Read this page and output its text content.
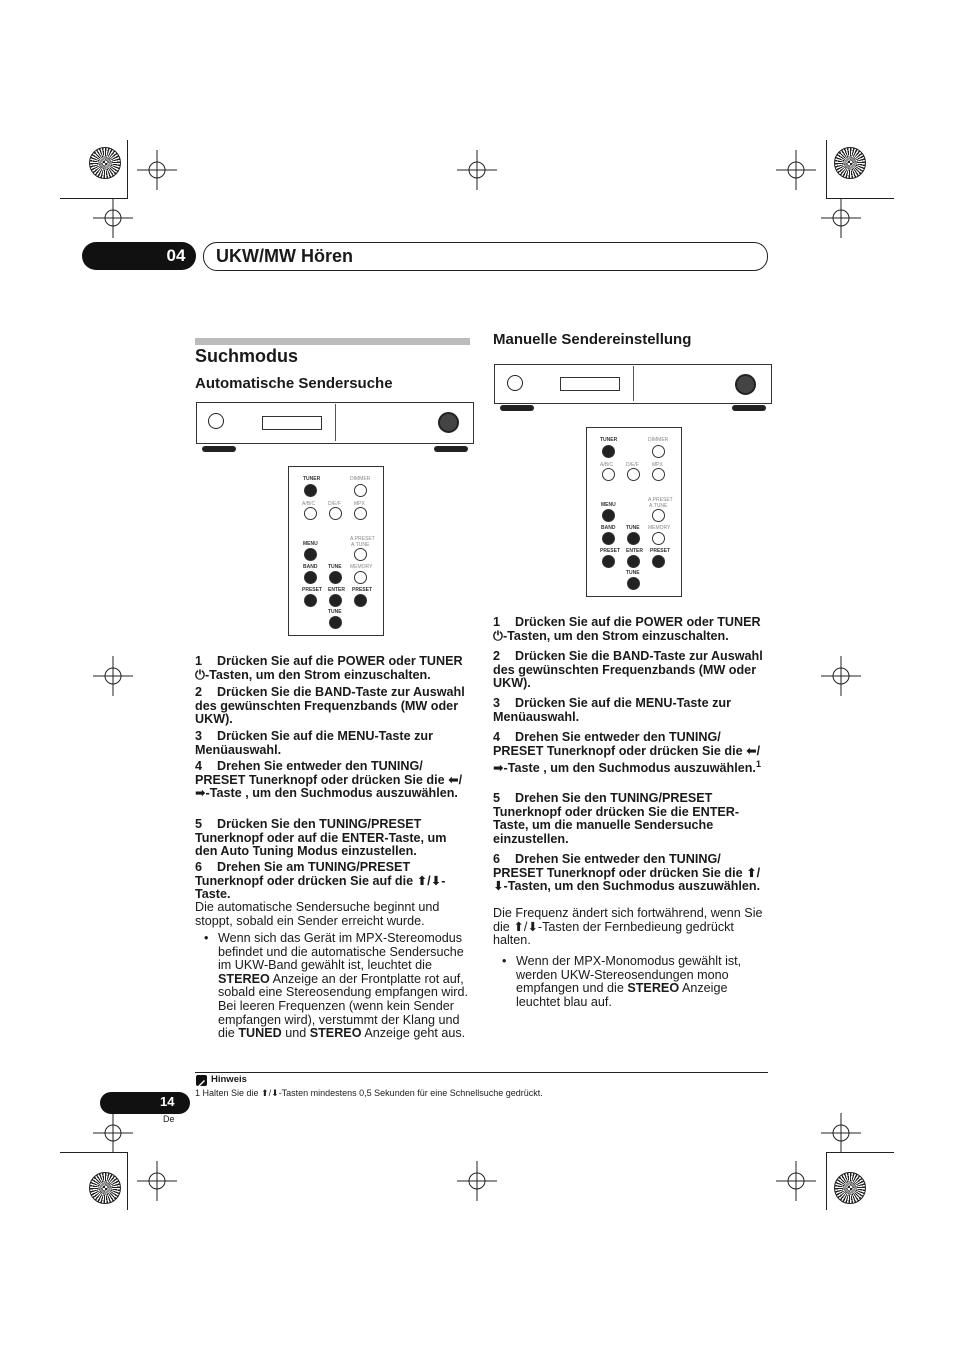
04	UKW/MW Hören
Suchmodus
Automatische Sendersuche
TUNER	DIMMER
A/B/C	D/E/F	MPX
A.PRESET
A.TUNE
MENU
BAND TUNE MEMORY
PRESET ENTER PRESET
TUNE
1 Drücken Sie auf die POWER oder TUNER ⏻-Tasten, um den Strom einzuschalten.
2 Drücken Sie die BAND-Taste zur Auswahl des gewünschten Frequenzbands (MW oder UKW).
3 Drücken Sie auf die MENU-Taste zur Menüauswahl.
4 Drehen Sie entweder den TUNING/ PRESET Tunerknopf oder drücken Sie die ⬅/➡-Taste , um den Suchmodus auszuwählen.
5 Drücken Sie den TUNING/PRESET Tunerknopf oder auf die ENTER-Taste, um den Auto Tuning Modus einzustellen.
6 Drehen Sie am TUNING/PRESET Tunerknopf oder drücken Sie auf die ⬆/⬇-Taste.
Die automatische Sendersuche beginnt und stoppt, sobald ein Sender erreicht wurde.
• Wenn sich das Gerät im MPX-Stereomodus befindet und die automatische Sendersuche im UKW-Band gewählt ist, leuchtet die STEREO Anzeige an der Frontplatte rot auf, sobald eine Stereosendung empfangen wird. Bei leeren Frequenzen (wenn kein Sender empfangen wird), verstummt der Klang und die TUNED und STEREO Anzeige geht aus.
Manuelle Sendereinstellung
TUNER	DIMMER
A/B/C	D/E/F	MPX
A.PRESET
A.TUNE
MENU
BAND TUNE MEMORY
PRESET ENTER PRESET
TUNE
1 Drücken Sie auf die POWER oder TUNER ⏻-Tasten, um den Strom einzuschalten.
2 Drücken Sie die BAND-Taste zur Auswahl des gewünschten Frequenzbands (MW oder UKW).
3 Drücken Sie auf die MENU-Taste zur Menüauswahl.
4 Drehen Sie entweder den TUNING/ PRESET Tunerknopf oder drücken Sie die ⬅/➡-Taste , um den Suchmodus auszuwählen.$^1$
5 Drehen Sie den TUNING/PRESET Tunerknopf oder drücken Sie die ENTER-Taste, um die manuelle Sendersuche einzustellen.
6 Drehen Sie entweder den TUNING/ PRESET Tunerknopf oder drücken Sie die ⬆/⬇-Tasten, um den Suchmodus auszuwählen.
Die Frequenz ändert sich fortwährend, wenn Sie die ⬆/⬇-Tasten der Fernbedieung gedrückt halten.
• Wenn der MPX-Monomodus gewählt ist, werden UKW-Stereosendungen mono empfangen und die STEREO Anzeige leuchtet blau auf.
Hinweis
1 Halten Sie die ⬆/⬇-Tasten mindestens 0,5 Sekunden für eine Schnellsuche gedrückt.
14
De
